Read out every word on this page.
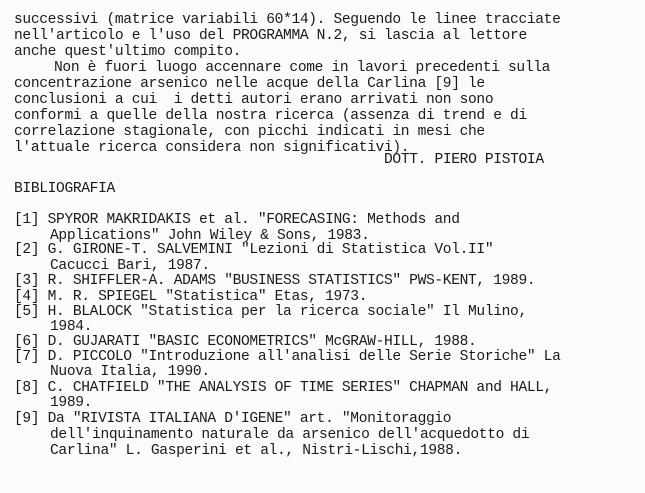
successivi (matrice variabili 60*14). Seguendo le linee tracciate
nell'articolo e l'uso del PROGRAMMA N.2, si lascia al lettore
anche quest'ultimo compito.
Non è fuori luogo accennare come in lavori precedenti sulla
concentrazione arsenico nelle acque della Carlina [9] le
conclusioni a cui  i detti autori erano arrivati non sono
conformi a quelle della nostra ricerca (assenza di trend e di
correlazione stagionale, con picchi indicati in mesi che
l'attuale ricerca considera non significativi).
DOTT. PIERO PISTOIA
BIBLIOGRAFIA
[1] SPYROR MAKRIDAKIS et al. "FORECASING: Methods and
Applications" John Wiley & Sons, 1983.
[2] G. GIRONE-T. SALVEMINI "Lezioni di Statistica Vol.II"
Cacucci Bari, 1987.
[3] R. SHIFFLER-A. ADAMS "BUSINESS STATISTICS" PWS-KENT, 1989.
[4] M. R. SPIEGEL "Statistica" Etas, 1973.
[5] H. BLALOCK "Statistica per la ricerca sociale" Il Mulino,
1984.
[6] D. GUJARATI "BASIC ECONOMETRICS" McGRAW-HILL, 1988.
[7] D. PICCOLO "Introduzione all'analisi delle Serie Storiche" La
Nuova Italia, 1990.
[8] C. CHATFIELD "THE ANALYSIS OF TIME SERIES" CHAPMAN and HALL,
1989.
[9] Da "RIVISTA ITALIANA D'IGENE" art. "Monitoraggio
dell'inquinamento naturale da arsenico dell'acquedotto di
Carlina" L. Gasperini et al., Nistri-Lischi,1988.
